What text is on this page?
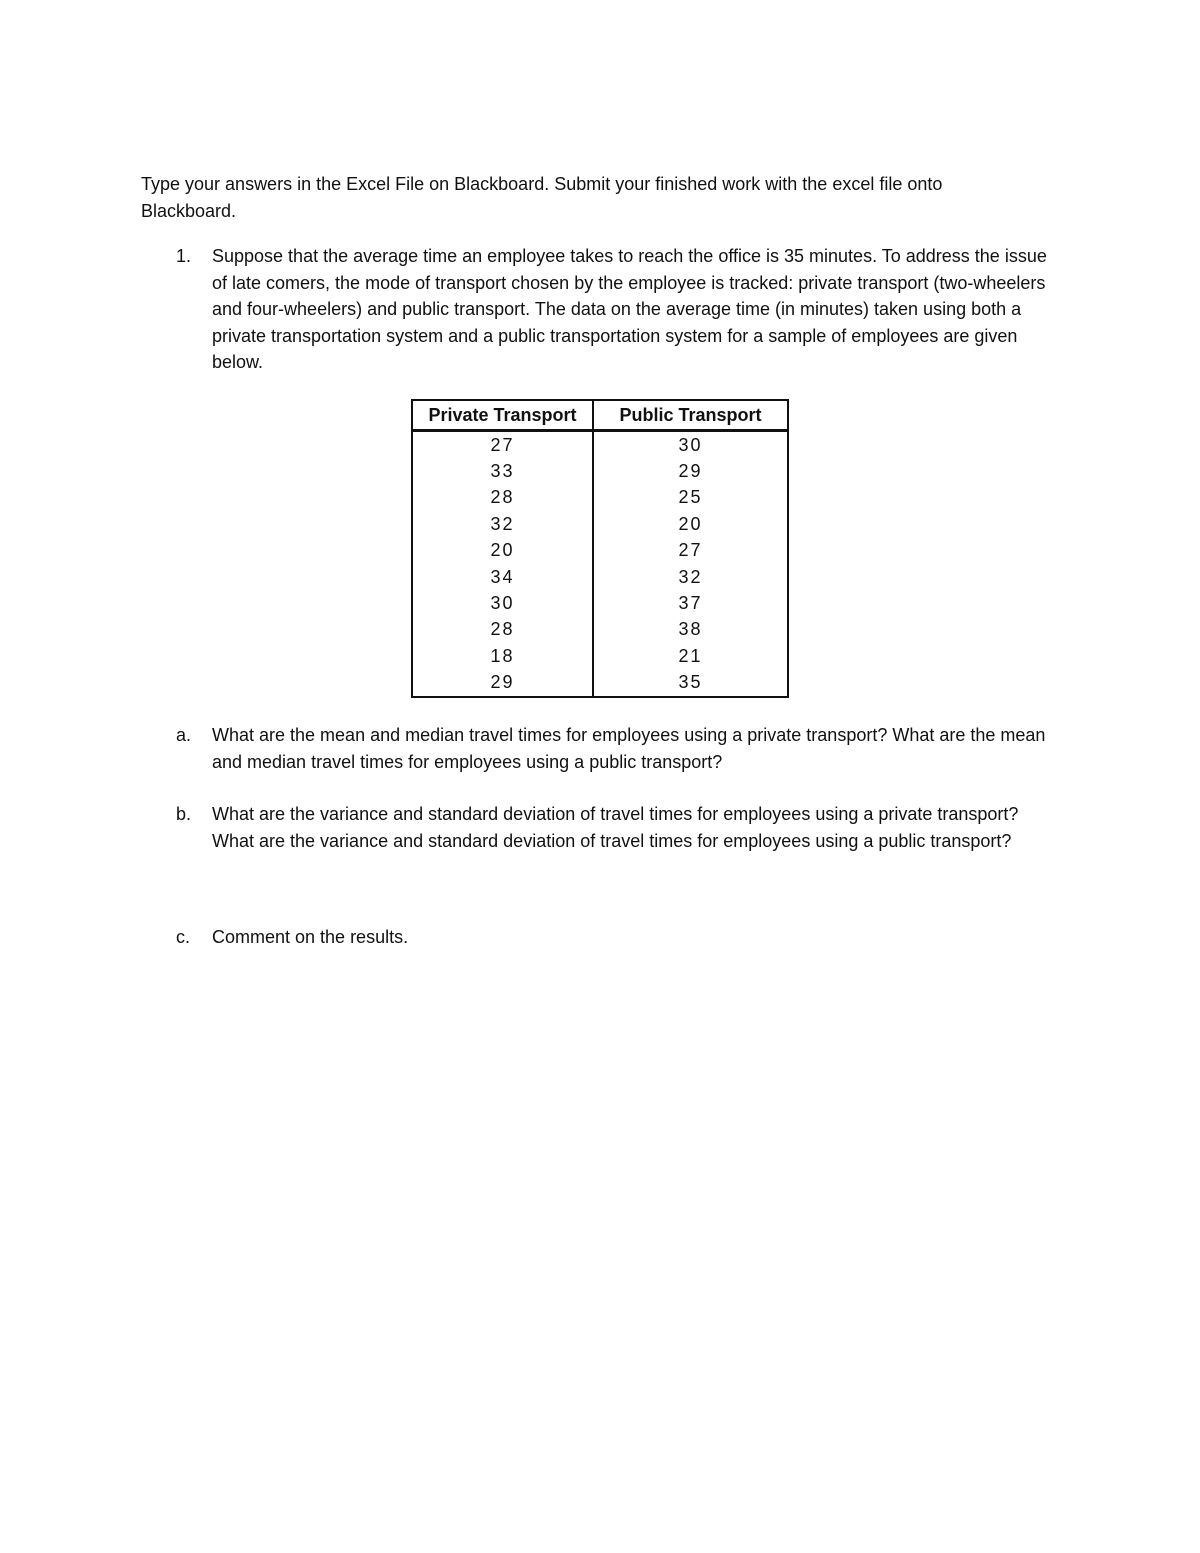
Type your answers in the Excel File on Blackboard. Submit your finished work with the excel file onto Blackboard.

1. Suppose that the average time an employee takes to reach the office is 35 minutes. To address the issue of late comers, the mode of transport chosen by the employee is tracked: private transport (two-wheelers and four-wheelers) and public transport. The data on the average time (in minutes) taken using both a private transportation system and a public transportation system for a sample of employees are given below.

Private Transport	Public Transport
27	30
33	29
28	25
32	20
20	27
34	32
30	37
28	38
18	21
29	35

a. What are the mean and median travel times for employees using a private transport? What are the mean and median travel times for employees using a public transport?

b. What are the variance and standard deviation of travel times for employees using a private transport? What are the variance and standard deviation of travel times for employees using a public transport?

c. Comment on the results.
